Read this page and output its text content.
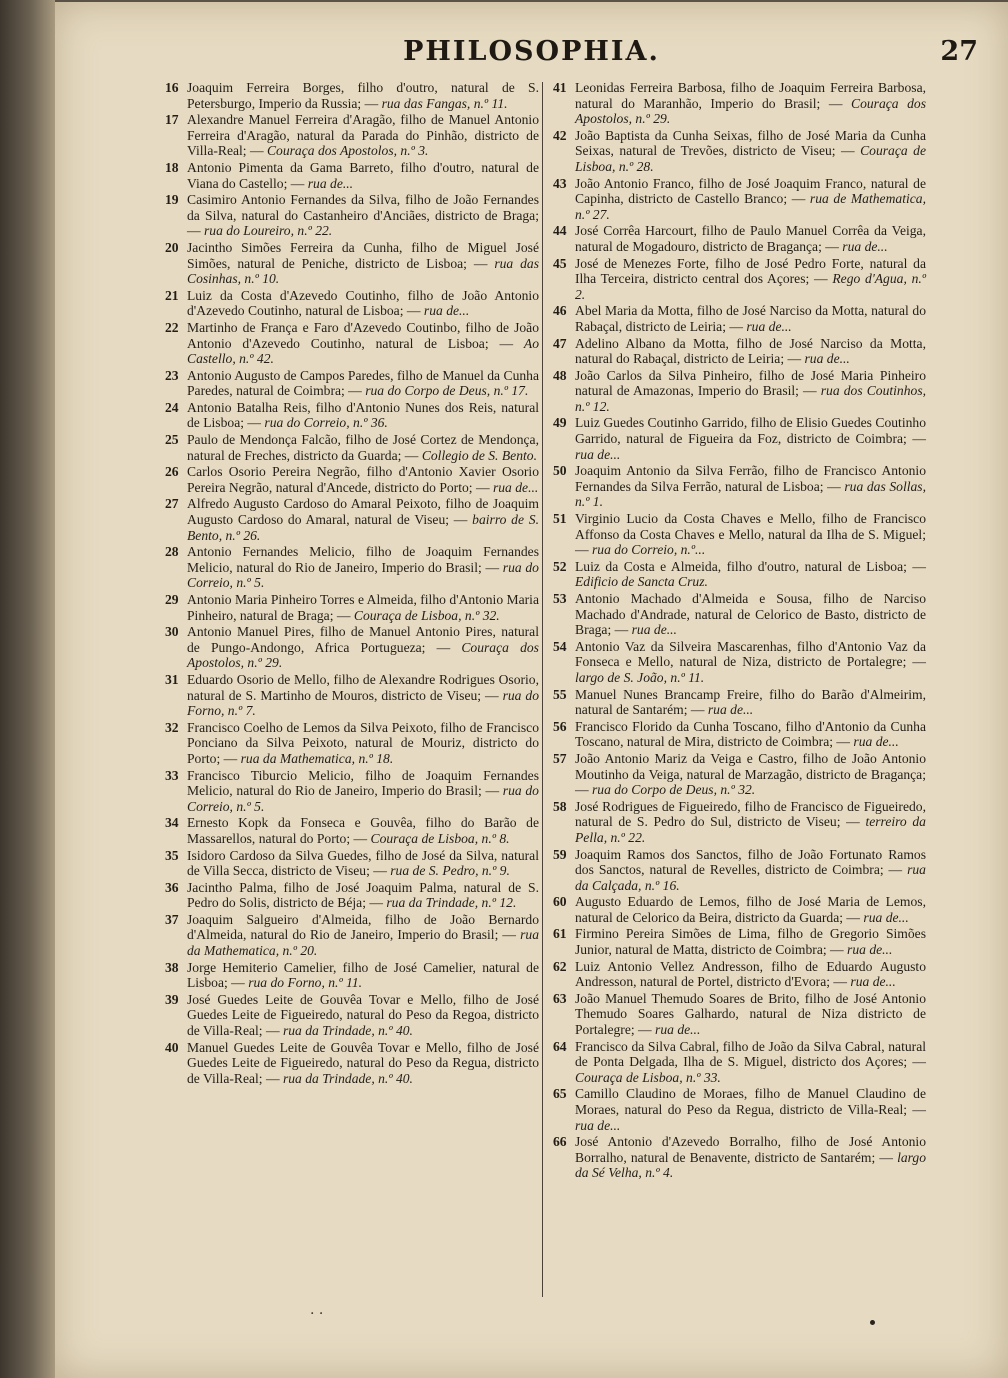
PHILOSOPHIA.	27

16 Joaquim Ferreira Borges, filho d'outro, natural de S. Petersburgo, Imperio da Russia; — rua das Fangas, n.º 11.

17 Alexandre Manuel Ferreira d'Aragão, filho de Manuel Antonio Ferreira d'Aragão, natural da Parada do Pinhão, districto de Villa-Real; — Couraça dos Apostolos, n.º 3.

18 Antonio Pimenta da Gama Barreto, filho d'outro, natural de Viana do Castello; — rua de...

19 Casimiro Antonio Fernandes da Silva, filho de João Fernandes da Silva, natural do Castanheiro d'Anciães, districto de Braga; — rua do Loureiro, n.º 22.

20 Jacintho Simões Ferreira da Cunha, filho de Miguel José Simões, natural de Peniche, districto de Lisboa; — rua das Cosinhas, n.º 10.

21 Luiz da Costa d'Azevedo Coutinho, filho de João Antonio d'Azevedo Coutinho, natural de Lisboa; — rua de...

22 Martinho de França e Faro d'Azevedo Coutinbo, filho de João Antonio d'Azevedo Coutinho, natural de Lisboa; — Ao Castello, n.º 42.

23 Antonio Augusto de Campos Paredes, filho de Manuel da Cunha Paredes, natural de Coimbra; — rua do Corpo de Deus, n.º 17.

24 Antonio Batalha Reis, filho d'Antonio Nunes dos Reis, natural de Lisboa; — rua do Correio, n.º 36.

25 Paulo de Mendonça Falcão, filho de José Cortez de Mendonça, natural de Freches, districto da Guarda; — Collegio de S. Bento.

26 Carlos Osorio Pereira Negrão, filho d'Antonio Xavier Osorio Pereira Negrão, natural d'Ancede, districto do Porto; — rua de...

27 Alfredo Augusto Cardoso do Amaral Peixoto, filho de Joaquim Augusto Cardoso do Amaral, natural de Viseu; — bairro de S. Bento, n.º 26.

28 Antonio Fernandes Melicio, filho de Joaquim Fernandes Melicio, natural do Rio de Janeiro, Imperio do Brasil; — rua do Correio, n.º 5.

29 Antonio Maria Pinheiro Torres e Almeida, filho d'Antonio Maria Pinheiro, natural de Braga; — Couraça de Lisboa, n.º 32.

30 Antonio Manuel Pires, filho de Manuel Antonio Pires, natural de Pungo-Andongo, Africa Portugueza; — Couraça dos Apostolos, n.º 29.

31 Eduardo Osorio de Mello, filho de Alexandre Rodrigues Osorio, natural de S. Martinho de Mouros, districto de Viseu; — rua do Forno, n.º 7.

32 Francisco Coelho de Lemos da Silva Peixoto, filho de Francisco Ponciano da Silva Peixoto, natural de Mouriz, districto do Porto; — rua da Mathematica, n.º 18.

33 Francisco Tiburcio Melicio, filho de Joaquim Fernandes Melicio, natural do Rio de Janeiro, Imperio do Brasil; — rua do Correio, n.º 5.

34 Ernesto Kopk da Fonseca e Gouvêa, filho do Barão de Massarellos, natural do Porto; — Couraça de Lisboa, n.º 8.

35 Isidoro Cardoso da Silva Guedes, filho de José da Silva, natural de Villa Secca, districto de Viseu; — rua de S. Pedro, n.º 9.

36 Jacintho Palma, filho de José Joaquim Palma, natural de S. Pedro do Solis, districto de Béja; — rua da Trindade, n.º 12.

37 Joaquim Salgueiro d'Almeida, filho de João Bernardo d'Almeida, natural do Rio de Janeiro, Imperio do Brasil; — rua da Mathematica, n.º 20.

38 Jorge Hemiterio Camelier, filho de José Camelier, natural de Lisboa; — rua do Forno, n.º 11.

39 José Guedes Leite de Gouvêa Tovar e Mello, filho de José Guedes Leite de Figueiredo, natural do Peso da Regoa, districto de Villa-Real; — rua da Trindade, n.º 40.

40 Manuel Guedes Leite de Gouvêa Tovar e Mello, filho de José Guedes Leite de Figueiredo, natural do Peso da Regua, districto de Villa-Real; — rua da Trindade, n.º 40.

41 Leonidas Ferreira Barbosa, filho de Joaquim Ferreira Barbosa, natural do Maranhão, Imperio do Brasil; — Couraça dos Apostolos, n.º 29.

42 João Baptista da Cunha Seixas, filho de José Maria da Cunha Seixas, natural de Trevões, districto de Viseu; — Couraça de Lisboa, n.º 28.

43 João Antonio Franco, filho de José Joaquim Franco, natural de Capinha, districto de Castello Branco; — rua de Mathematica, n.º 27.

44 José Corrêa Harcourt, filho de Paulo Manuel Corrêa da Veiga, natural de Mogadouro, districto de Bragança; — rua de...

45 José de Menezes Forte, filho de José Pedro Forte, natural da Ilha Terceira, districto central dos Açores; — Rego d'Agua, n.º 2.

46 Abel Maria da Motta, filho de José Narciso da Motta, natural do Rabaçal, districto de Leiria; — rua de...

47 Adelino Albano da Motta, filho de José Narciso da Motta, natural do Rabaçal, districto de Leiria; — rua de...

48 João Carlos da Silva Pinheiro, filho de José Maria Pinheiro natural de Amazonas, Imperio do Brasil; — rua dos Coutinhos, n.º 12.

49 Luiz Guedes Coutinho Garrido, filho de Elisio Guedes Coutinho Garrido, natural de Figueira da Foz, districto de Coimbra; — rua de...

50 Joaquim Antonio da Silva Ferrão, filho de Francisco Antonio Fernandes da Silva Ferrão, natural de Lisboa; — rua das Sollas, n.º 1.

51 Virginio Lucio da Costa Chaves e Mello, filho de Francisco Affonso da Costa Chaves e Mello, natural da Ilha de S. Miguel; — rua do Correio, n.º...

52 Luiz da Costa e Almeida, filho d'outro, natural de Lisboa; — Edificio de Sancta Cruz.

53 Antonio Machado d'Almeida e Sousa, filho de Narciso Machado d'Andrade, natural de Celorico de Basto, districto de Braga; — rua de...

54 Antonio Vaz da Silveira Mascarenhas, filho d'Antonio Vaz da Fonseca e Mello, natural de Niza, districto de Portalegre; — largo de S. João, n.º 11.

55 Manuel Nunes Brancamp Freire, filho do Barão d'Almeirim, natural de Santarém; — rua de...

56 Francisco Florido da Cunha Toscano, filho d'Antonio da Cunha Toscano, natural de Mira, districto de Coimbra; — rua de...

57 João Antonio Mariz da Veiga e Castro, filho de João Antonio Moutinho da Veiga, natural de Marzagão, districto de Bragança; — rua do Corpo de Deus, n.º 32.

58 José Rodrigues de Figueiredo, filho de Francisco de Figueiredo, natural de S. Pedro do Sul, districto de Viseu; — terreiro da Pella, n.º 22.

59 Joaquim Ramos dos Sanctos, filho de João Fortunato Ramos dos Sanctos, natural de Revelles, districto de Coimbra; — rua da Calçada, n.º 16.

60 Augusto Eduardo de Lemos, filho de José Maria de Lemos, natural de Celorico da Beira, districto da Guarda; — rua de...

61 Firmino Pereira Simões de Lima, filho de Gregorio Simões Junior, natural de Matta, districto de Coimbra; — rua de...

62 Luiz Antonio Vellez Andresson, filho de Eduardo Augusto Andresson, natural de Portel, districto d'Evora; — rua de...

63 João Manuel Themudo Soares de Brito, filho de José Antonio Themudo Soares Galhardo, natural de Niza districto de Portalegre; — rua de...

64 Francisco da Silva Cabral, filho de João da Silva Cabral, natural de Ponta Delgada, Ilha de S. Miguel, districto dos Açores; — Couraça de Lisboa, n.º 33.

65 Camillo Claudino de Moraes, filho de Manuel Claudino de Moraes, natural do Peso da Regua, districto de Villa-Real; — rua de...

66 José Antonio d'Azevedo Borralho, filho de José Antonio Borralho, natural de Benavente, districto de Santarém; — largo da Sé Velha, n.º 4.

. .
